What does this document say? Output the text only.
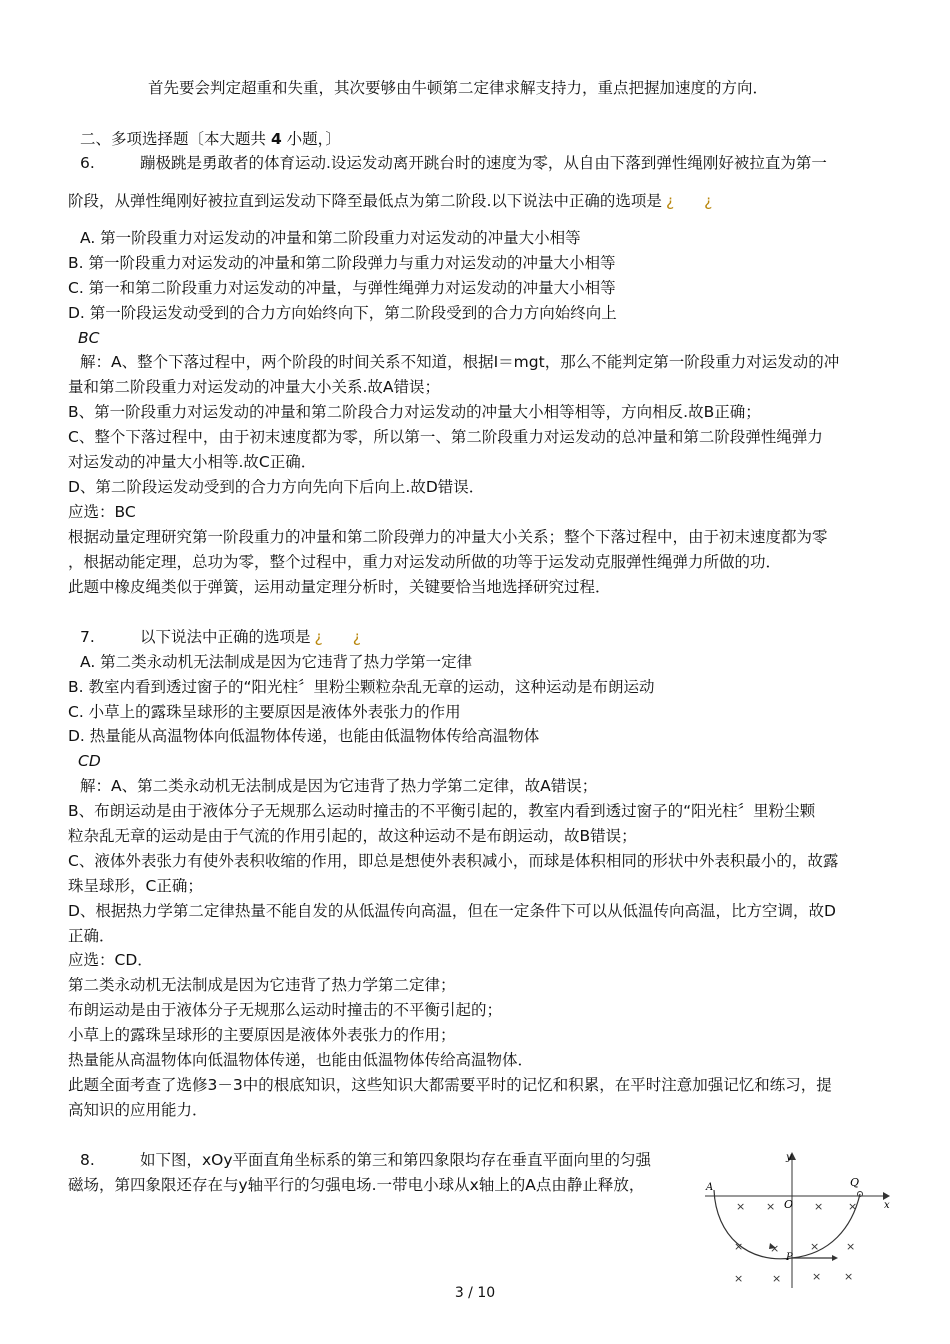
首先要会判定超重和失重，其次要够由牛顿第二定律求解支持力，重点把握加速度的方向．
二、多项选择题〔本大题共 4 小题，〕
6.	蹦极跳是勇敢者的体育运动.设运发动离开跳台时的速度为零，从自由下落到弹性绳刚好被拉直为第一
阶段，从弹性绳刚好被拉直到运发动下降至最低点为第二阶段.以下说法中正确的选项是 ¿ ¿
A. 第一阶段重力对运发动的冲量和第二阶段重力对运发动的冲量大小相等
B. 第一阶段重力对运发动的冲量和第二阶段弹力与重力对运发动的冲量大小相等
C. 第一和第二阶段重力对运发动的冲量，与弹性绳弹力对运发动的冲量大小相等
D. 第一阶段运发动受到的合力方向始终向下，第二阶段受到的合力方向始终向上
BC
解：A、整个下落过程中，两个阶段的时间关系不知道，根据I＝mgt，那么不能判定第一阶段重力对运发动的冲
量和第二阶段重力对运发动的冲量大小关系.故A错误；
B、第一阶段重力对运发动的冲量和第二阶段合力对运发动的冲量大小相等相等，方向相反.故B正确；
C、整个下落过程中，由于初末速度都为零，所以第一、第二阶段重力对运发动的总冲量和第二阶段弹性绳弹力
对运发动的冲量大小相等.故C正确．
D、第二阶段运发动受到的合力方向先向下后向上.故D错误．
应选：BC
根据动量定理研究第一阶段重力的冲量和第二阶段弹力的冲量大小关系；整个下落过程中，由于初末速度都为零
，根据动能定理，总功为零，整个过程中，重力对运发动所做的功等于运发动克服弹性绳弹力所做的功．
此题中橡皮绳类似于弹簧，运用动量定理分析时，关键要恰当地选择研究过程．
7.	以下说法中正确的选项是 ¿ ¿
A. 第二类永动机无法制成是因为它违背了热力学第一定律
B. 教室内看到透过窗子的“阳光柱〞里粉尘颗粒杂乱无章的运动，这种运动是布朗运动
C. 小草上的露珠呈球形的主要原因是液体外表张力的作用
D. 热量能从高温物体向低温物体传递，也能由低温物体传给高温物体
CD
解：A、第二类永动机无法制成是因为它违背了热力学第二定律，故A错误；
B、布朗运动是由于液体分子无规那么运动时撞击的不平衡引起的，教室内看到透过窗子的“阳光柱〞里粉尘颗
粒杂乱无章的运动是由于气流的作用引起的，故这种运动不是布朗运动，故B错误；
C、液体外表张力有使外表积收缩的作用，即总是想使外表积减小，而球是体积相同的形状中外表积最小的，故露
珠呈球形，C正确；
D、根据热力学第二定律热量不能自发的从低温传向高温，但在一定条件下可以从低温传向高温，比方空调，故D
正确．
应选：CD．
第二类永动机无法制成是因为它违背了热力学第二定律；
布朗运动是由于液体分子无规那么运动时撞击的不平衡引起的；
小草上的露珠呈球形的主要原因是液体外表张力的作用；
热量能从高温物体向低温物体传递，也能由低温物体传给高温物体．
此题全面考查了选修3－3中的根底知识，这些知识大都需要平时的记忆和积累，在平时注意加强记忆和练习，提
高知识的应用能力．
8.	如下图，xOy平面直角坐标系的第三和第四象限均存在垂直平面向里的匀强
磁场，第四象限还存在与y轴平行的匀强电场.一带电小球从x轴上的A点由静止释放，
y
A
O
Q
x
P
× ×	× ×
× ×	× ×
×	×	× ×
3 / 10
